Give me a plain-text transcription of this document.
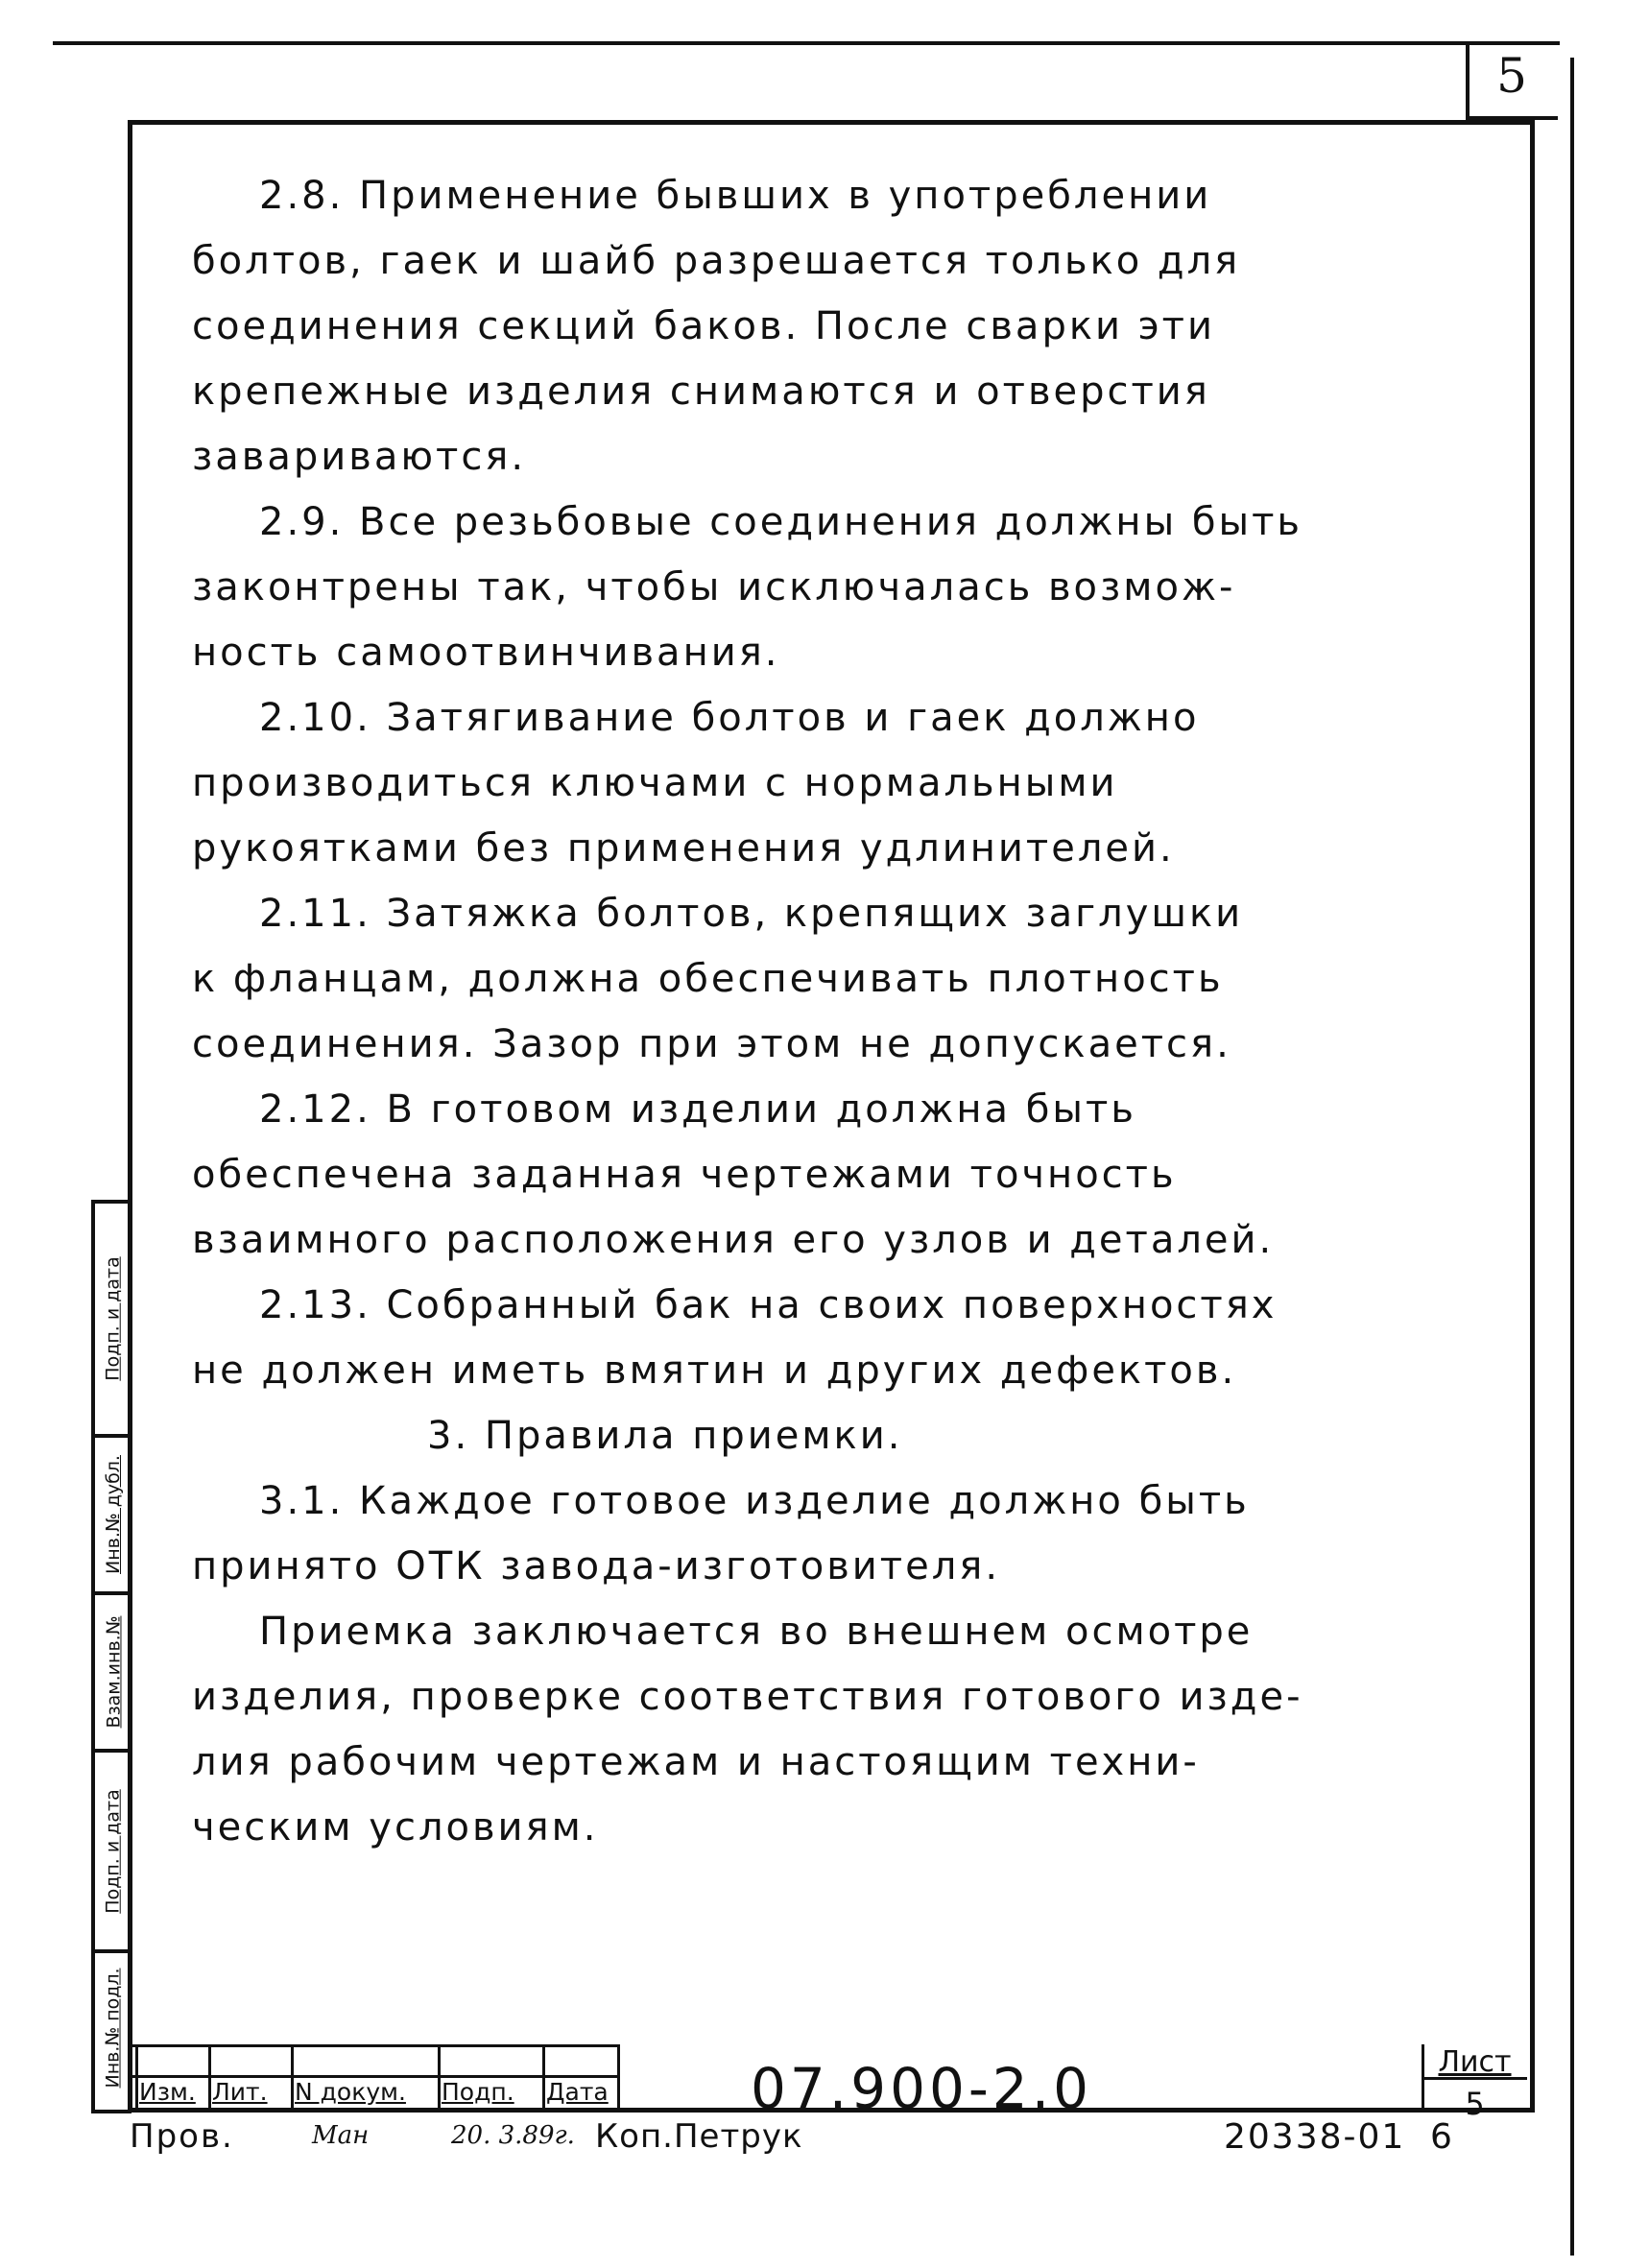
5
Подп. и дата
Инв.№ дубл.
Взам.инв.№
Подп. и дата
Инв.№ подл.

2.8. Применение бывших в употреблении
болтов, гаек и шайб разрешается только для
соединения секций баков. После сварки эти
крепежные изделия снимаются и отверстия
завариваются.

2.9. Все резьбовые соединения должны быть
законтрены так, чтобы исключалась возмож-
ность самоотвинчивания.

2.10. Затягивание болтов и гаек должно
производиться ключами с нормальными
рукоятками без применения удлинителей.

2.11. Затяжка болтов, крепящих заглушки
к фланцам, должна обеспечивать плотность
соединения. Зазор при этом не допускается.

2.12. В готовом изделии должна быть
обеспечена заданная чертежами точность
взаимного расположения его узлов и деталей.

2.13. Собранный бак на своих поверхностях
не должен иметь вмятин и других дефектов.

3. Правила приемки.

3.1. Каждое готовое изделие должно быть
принято ОТК завода-изготовителя.

Приемка заключается во внешнем осмотре
изделия, проверке соответствия готового изде-
лия рабочим чертежам и настоящим техни-
ческим условиям.

Изм. Лит. N докум. Подп. Дата	07.900-2.0	Лист
5
Пров.	Ман	20. 3.89г. Коп.Петрук	20338-01 6
